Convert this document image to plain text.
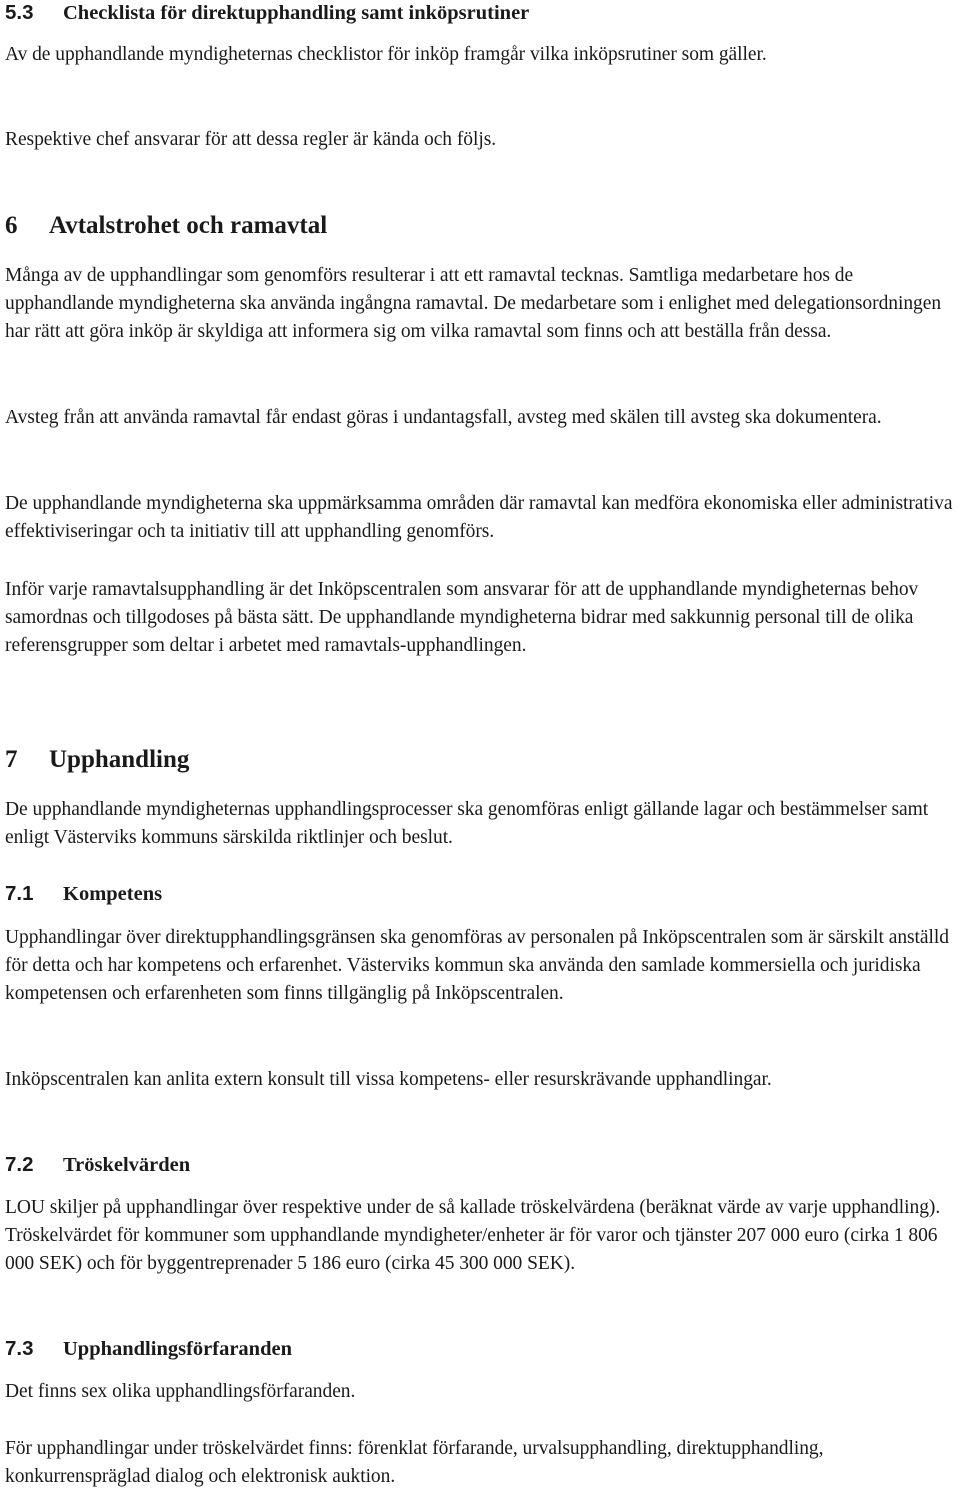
5.3 Checklista för direktupphandling samt inköpsrutiner

Av de upphandlande myndigheternas checklistor för inköp framgår vilka inköpsrutiner som gäller.

Respektive chef ansvarar för att dessa regler är kända och följs.

6 Avtalstrohet och ramavtal

Många av de upphandlingar som genomförs resulterar i att ett ramavtal tecknas. Samtliga medarbetare hos de upphandlande myndigheterna ska använda ingångna ramavtal. De medarbetare som i enlighet med delegationsordningen har rätt att göra inköp är skyldiga att informera sig om vilka ramavtal som finns och att beställa från dessa.

Avsteg från att använda ramavtal får endast göras i undantagsfall, avsteg med skälen till avsteg ska dokumentera.

De upphandlande myndigheterna ska uppmärksamma områden där ramavtal kan medföra ekonomiska eller administrativa effektiviseringar och ta initiativ till att upphandling genomförs.

Inför varje ramavtalsupphandling är det Inköpscentralen som ansvarar för att de upphandlande myndigheternas behov samordnas och tillgodoses på bästa sätt. De upphandlande myndigheterna bidrar med sakkunnig personal till de olika referensgrupper som deltar i arbetet med ramavtals-upphandlingen.

7 Upphandling

De upphandlande myndigheternas upphandlingsprocesser ska genomföras enligt gällande lagar och bestämmelser samt enligt Västerviks kommuns särskilda riktlinjer och beslut.

7.1 Kompetens

Upphandlingar över direktupphandlingsgränsen ska genomföras av personalen på Inköpscentralen som är särskilt anställd för detta och har kompetens och erfarenhet. Västerviks kommun ska använda den samlade kommersiella och juridiska kompetensen och erfarenheten som finns tillgänglig på Inköpscentralen.

Inköpscentralen kan anlita extern konsult till vissa kompetens- eller resurskrävande upphandlingar.

7.2 Tröskelvärden

LOU skiljer på upphandlingar över respektive under de så kallade tröskelvärdena (beräknat värde av varje upphandling). Tröskelvärdet för kommuner som upphandlande myndigheter/enheter är för varor och tjänster 207 000 euro (cirka 1 806 000 SEK) och för byggentreprenader 5 186 euro (cirka 45 300 000 SEK).

7.3 Upphandlingsförfaranden

Det finns sex olika upphandlingsförfaranden.

För upphandlingar under tröskelvärdet finns: förenklat förfarande, urvalsupphandling, direktupphandling, konkurrenspräglad dialog och elektronisk auktion.
